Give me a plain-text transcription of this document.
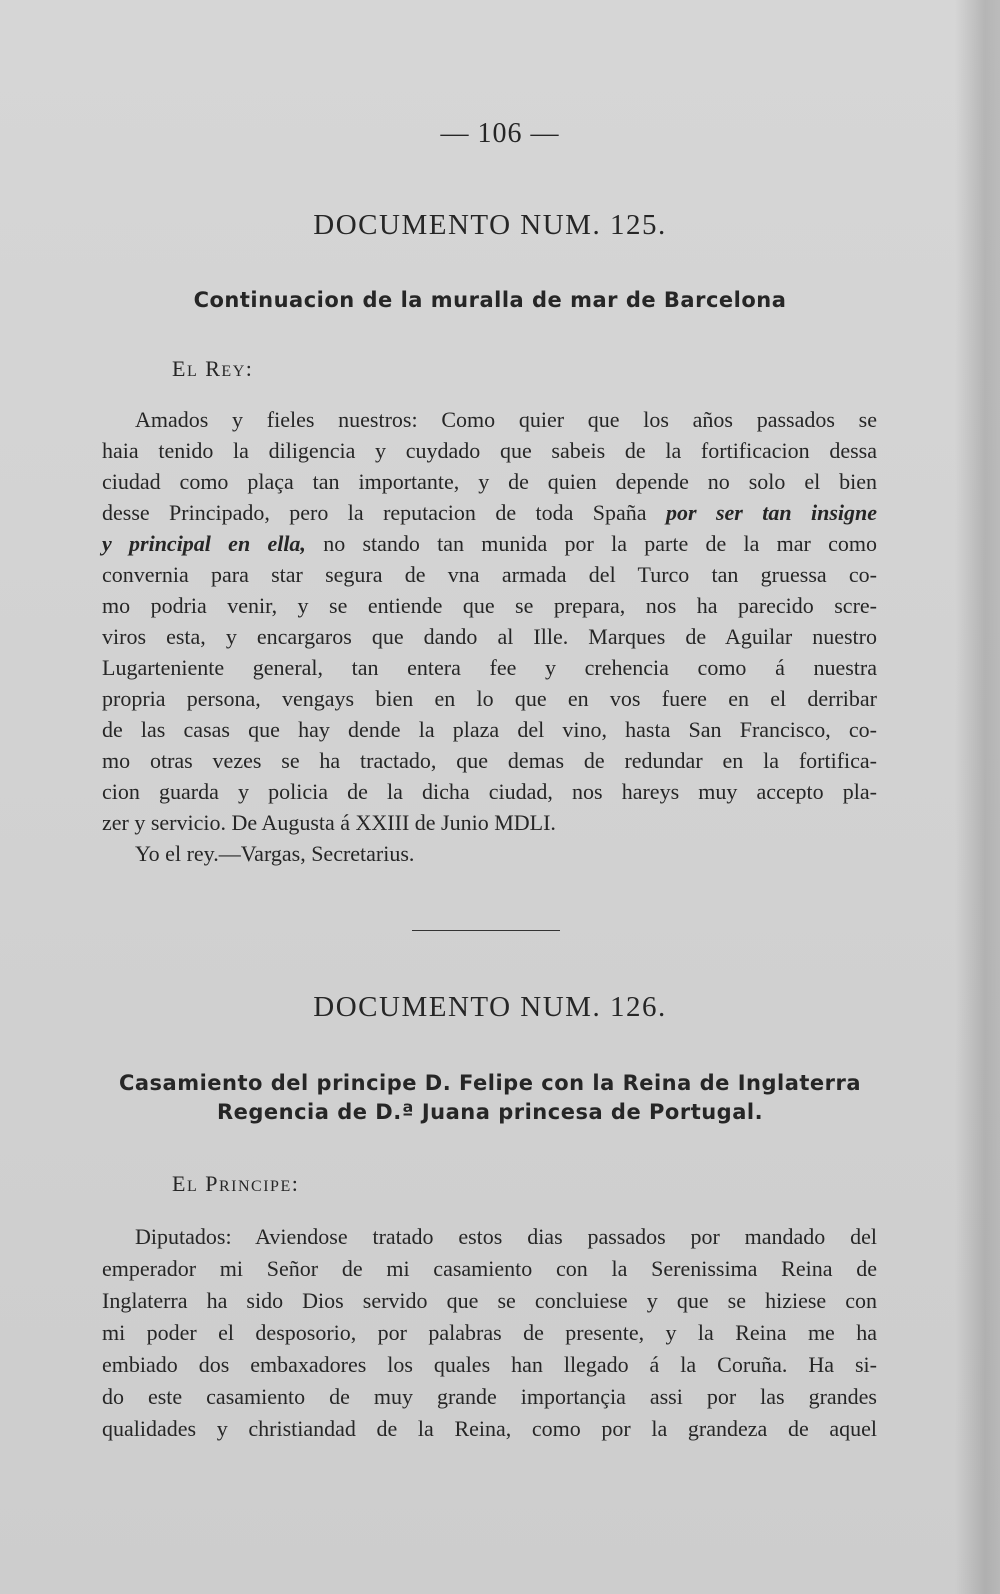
— 106 —
DOCUMENTO NUM. 125.
Continuacion de la muralla de mar de Barcelona
EL REY:
Amados y fieles nuestros: Como quier que los años passados se
haia tenido la diligencia y cuydado que sabeis de la fortificacion dessa
ciudad como plaça tan importante, y de quien depende no solo el bien
desse Principado, pero la reputacion de toda Spaña por ser tan insigne
y principal en ella, no stando tan munida por la parte de la mar como
convernia para star segura de vna armada del Turco tan gruessa co-
mo podria venir, y se entiende que se prepara, nos ha parecido scre-
viros esta, y encargaros que dando al Ille. Marques de Aguilar nuestro
Lugarteniente general, tan entera fee y crehencia como á nuestra
propria persona, vengays bien en lo que en vos fuere en el derribar
de las casas que hay dende la plaza del vino, hasta San Francisco, co-
mo otras vezes se ha tractado, que demas de redundar en la fortifica-
cion guarda y policia de la dicha ciudad, nos hareys muy accepto pla-
zer y servicio. De Augusta á XXIII de Junio MDLI.
Yo el rey.—Vargas, Secretarius.
DOCUMENTO NUM. 126.
Casamiento del principe D. Felipe con la Reina de Inglaterra
Regencia de D.ª Juana princesa de Portugal.
EL PRINCIPE:
Diputados: Aviendose tratado estos dias passados por mandado del
emperador mi Señor de mi casamiento con la Serenissima Reina de
Inglaterra ha sido Dios servido que se concluiese y que se hiziese con
mi poder el desposorio, por palabras de presente, y la Reina me ha
embiado dos embaxadores los quales han llegado á la Coruña. Ha si-
do este casamiento de muy grande importançia assi por las grandes
qualidades y christiandad de la Reina, como por la grandeza de aquel
